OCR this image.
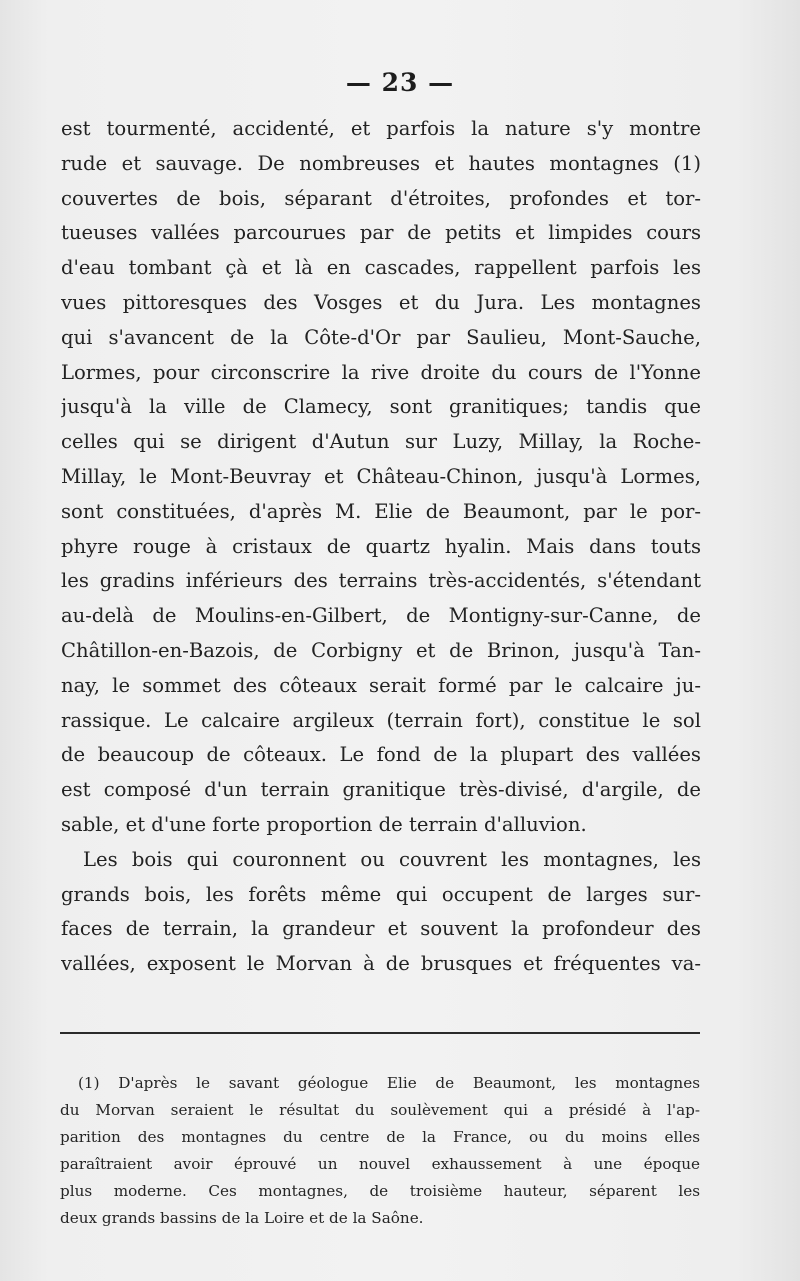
— 23 —
est tourmenté, accidenté, et parfois la nature s'y montre
rude et sauvage. De nombreuses et hautes montagnes (1)
couvertes de bois, séparant d'étroites, profondes et tor-
tueuses vallées parcourues par de petits et limpides cours
d'eau tombant çà et là en cascades, rappellent parfois les
vues pittoresques des Vosges et du Jura. Les montagnes
qui s'avancent de la Côte-d'Or par Saulieu, Mont-Sauche,
Lormes, pour circonscrire la rive droite du cours de l'Yonne
jusqu'à la ville de Clamecy, sont granitiques; tandis que
celles qui se dirigent d'Autun sur Luzy, Millay, la Roche-
Millay, le Mont-Beuvray et Château-Chinon, jusqu'à Lormes,
sont constituées, d'après M. Elie de Beaumont, par le por-
phyre rouge à cristaux de quartz hyalin. Mais dans touts
les gradins inférieurs des terrains très-accidentés, s'étendant
au-delà de Moulins-en-Gilbert, de Montigny-sur-Canne, de
Châtillon-en-Bazois, de Corbigny et de Brinon, jusqu'à Tan-
nay, le sommet des côteaux serait formé par le calcaire ju-
rassique. Le calcaire argileux (terrain fort), constitue le sol
de beaucoup de côteaux. Le fond de la plupart des vallées
est composé d'un terrain granitique très-divisé, d'argile, de
sable, et d'une forte proportion de terrain d'alluvion.
Les bois qui couronnent ou couvrent les montagnes, les
grands bois, les forêts même qui occupent de larges sur-
faces de terrain, la grandeur et souvent la profondeur des
vallées, exposent le Morvan à de brusques et fréquentes va-
(1) D'après le savant géologue Elie de Beaumont, les montagnes
du Morvan seraient le résultat du soulèvement qui a présidé à l'ap-
parition des montagnes du centre de la France, ou du moins elles
paraîtraient avoir éprouvé un nouvel exhaussement à une époque
plus moderne. Ces montagnes, de troisième hauteur, séparent les
deux grands bassins de la Loire et de la Saône.
